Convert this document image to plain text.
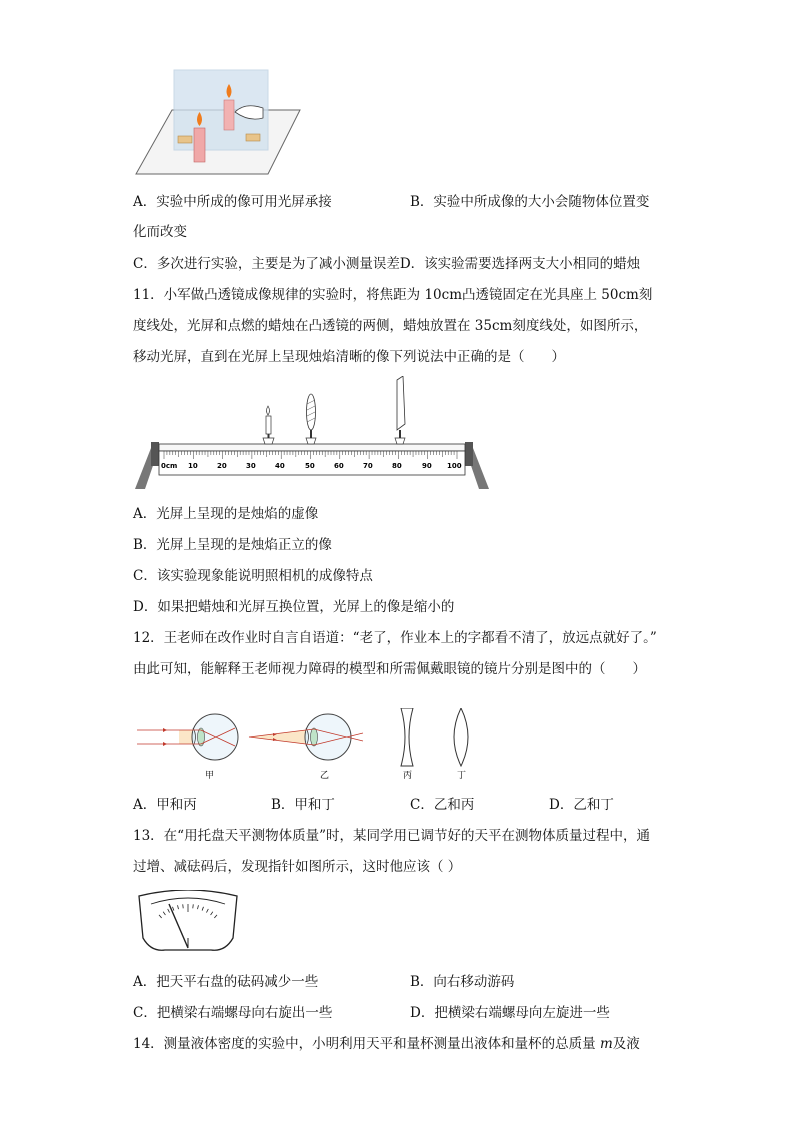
A．实验中所成的像可用光屏承接	B．实验中所成像的大小会随物体位置变
化而改变
C．多次进行实验，主要是为了减小测量误差D．该实验需要选择两支大小相同的蜡烛
11．小军做凸透镜成像规律的实验时，将焦距为 10cm凸透镜固定在光具座上 50cm刻
度线处，光屏和点燃的蜡烛在凸透镜的两侧，蜡烛放置在 35cm刻度线处，如图所示，
移动光屏，直到在光屏上呈现烛焰清晰的像下列说法中正确的是（　　）
0cm 10	20	30	40	50	60	70	80	90 100
A．光屏上呈现的是烛焰的虚像
B．光屏上呈现的是烛焰正立的像
C．该实验现象能说明照相机的成像特点
D．如果把蜡烛和光屏互换位置，光屏上的像是缩小的
12．王老师在改作业时自言自语道：“老了，作业本上的字都看不清了，放远点就好了。”
由此可知，能解释王老师视力障碍的模型和所需佩戴眼镜的镜片分别是图中的（　　）
甲	乙	丙	丁
A．甲和丙	B．甲和丁	C．乙和丙	D．乙和丁
13．在“用托盘天平测物体质量”时，某同学用已调节好的天平在测物体质量过程中，通
过增、减砝码后，发现指针如图所示，这时他应该（ ）
A．把天平右盘的砝码减少一些	B．向右移动游码
C．把横梁右端螺母向右旋出一些	D．把横梁右端螺母向左旋进一些
14．测量液体密度的实验中，小明利用天平和量杯测量出液体和量杯的总质量 m及液
